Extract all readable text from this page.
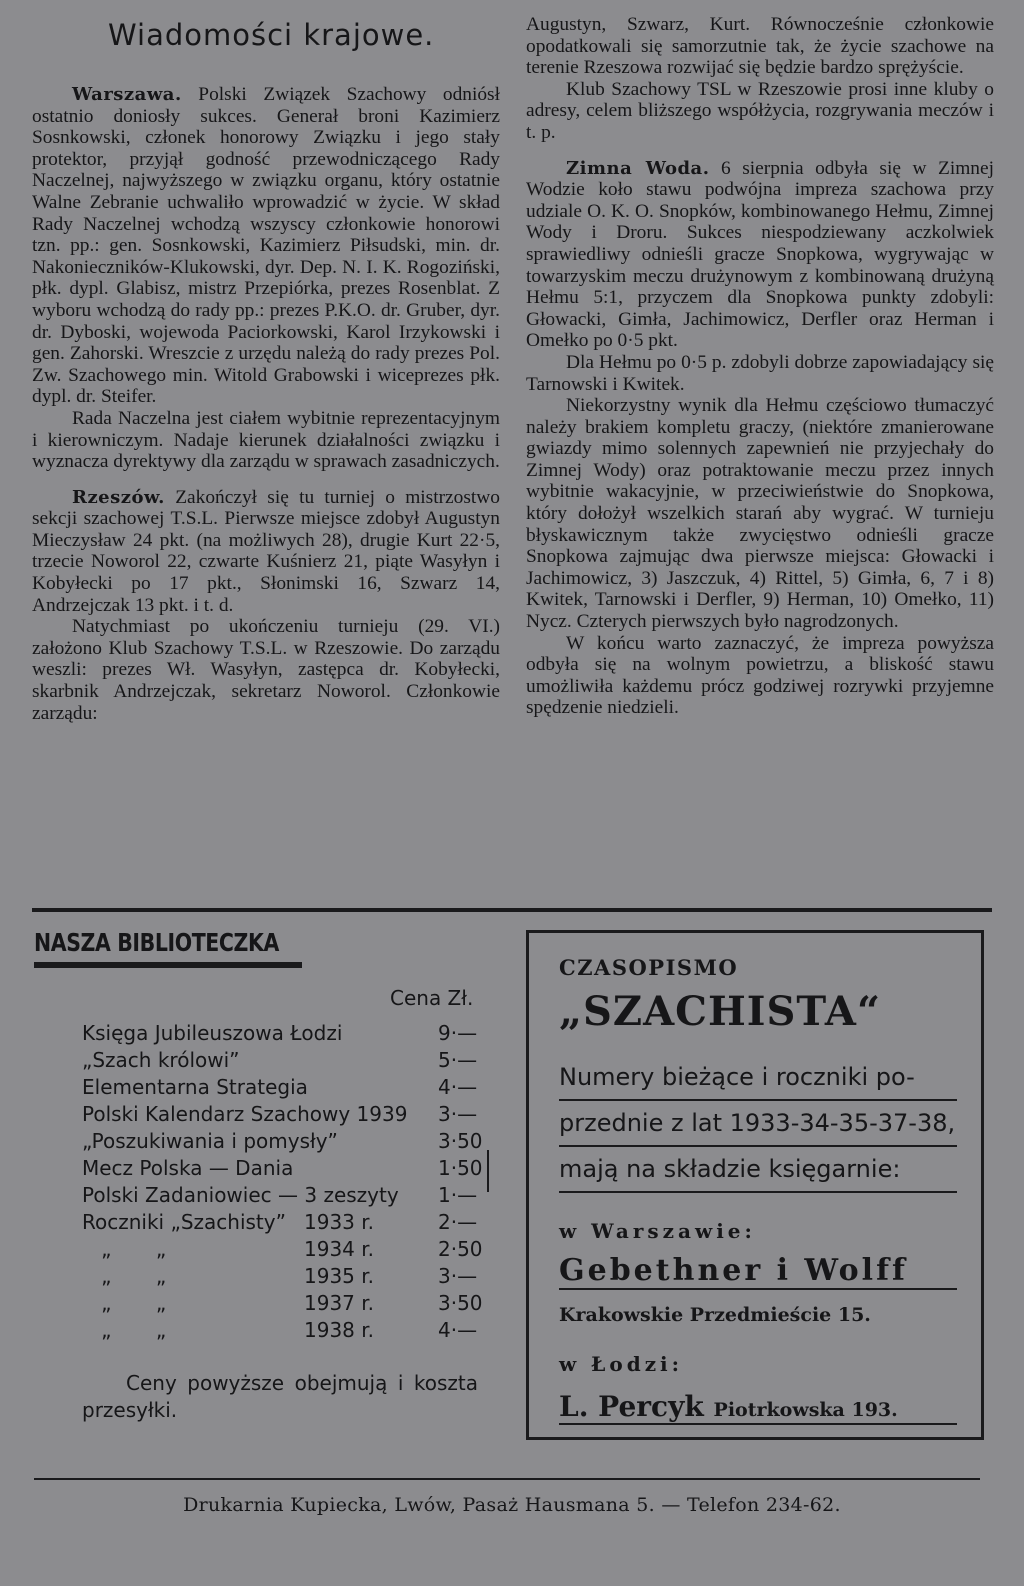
Wiadomości krajowe.

Warszawa. Polski Związek Szachowy odniósł ostatnio doniosły sukces. Generał broni Kazimierz Sosnkowski, członek honorowy Związku i jego stały protektor, przyjął godność przewodniczącego Rady Naczelnej, najwyższego w związku organu, który ostatnie Walne Zebranie uchwaliło wprowadzić w życie. W skład Rady Naczelnej wchodzą wszyscy członkowie honorowi tzn. pp.: gen. Sosnkowski, Kazimierz Piłsudski, min. dr. Nakonieczników-Klukowski, dyr. Dep. N. I. K. Rogoziński, płk. dypl. Glabisz, mistrz Przepiórka, prezes Rosenblat. Z wyboru wchodzą do rady pp.: prezes P.K.O. dr. Gruber, dyr. dr. Dyboski, wojewoda Paciorkowski, Karol Irzykowski i gen. Zahorski. Wreszcie z urzędu należą do rady prezes Pol. Zw. Szachowego min. Witold Grabowski i wiceprezes płk. dypl. dr. Steifer.

Rada Naczelna jest ciałem wybitnie reprezentacyjnym i kierowniczym. Nadaje kierunek działalności związku i wyznacza dyrektywy dla zarządu w sprawach zasadniczych.

Rzeszów. Zakończył się tu turniej o mistrzostwo sekcji szachowej T.S.L. Pierwsze miejsce zdobył Augustyn Mieczysław 24 pkt. (na możliwych 28), drugie Kurt 22·5, trzecie Noworol 22, czwarte Kuśnierz 21, piąte Wasyłyn i Kobyłecki po 17 pkt., Słonimski 16, Szwarz 14, Andrzejczak 13 pkt. i t. d.

Natychmiast po ukończeniu turnieju (29. VI.) założono Klub Szachowy T.S.L. w Rzeszowie. Do zarządu weszli: prezes Wł. Wasyłyn, zastępca dr. Kobyłecki, skarbnik Andrzejczak, sekretarz Noworol. Członkowie zarządu:

Augustyn, Szwarz, Kurt. Równocześnie członkowie opodatkowali się samorzutnie tak, że życie szachowe na terenie Rzeszowa rozwijać się będzie bardzo sprężyście.

Klub Szachowy TSL w Rzeszowie prosi inne kluby o adresy, celem bliższego współżycia, rozgrywania meczów i t. p.

Zimna Woda. 6 sierpnia odbyła się w Zimnej Wodzie koło stawu podwójna impreza szachowa przy udziale O. K. O. Snopków, kombinowanego Hełmu, Zimnej Wody i Droru. Sukces niespodziewany aczkolwiek sprawiedliwy odnieśli gracze Snopkowa, wygrywając w towarzyskim meczu drużynowym z kombinowaną drużyną Hełmu 5:1, przyczem dla Snopkowa punkty zdobyli: Głowacki, Gimła, Jachimowicz, Derfler oraz Herman i Omełko po 0·5 pkt.

Dla Hełmu po 0·5 p. zdobyli dobrze zapowiadający się Tarnowski i Kwitek.

Niekorzystny wynik dla Hełmu częściowo tłumaczyć należy brakiem kompletu graczy, (niektóre zmanierowane gwiazdy mimo solennych zapewnień nie przyjechały do Zimnej Wody) oraz potraktowanie meczu przez innych wybitnie wakacyjnie, w przeciwieństwie do Snopkowa, który dołożył wszelkich starań aby wygrać. W turnieju błyskawicznym także zwycięstwo odnieśli gracze Snopkowa zajmując dwa pierwsze miejsca: Głowacki i Jachimowicz, 3) Jaszczuk, 4) Rittel, 5) Gimła, 6, 7 i 8) Kwitek, Tarnowski i Derfler, 9) Herman, 10) Omełko, 11) Nycz. Czterych pierwszych było nagrodzonych.

W końcu warto zaznaczyć, że impreza powyższa odbyła się na wolnym powietrzu, a bliskość stawu umożliwiła każdemu prócz godziwej rozrywki przyjemne spędzenie niedzieli.

NASZA BIBLIOTECZKA
Cena Zł.
Księga Jubileuszowa Łodzi	9·—
„Szach królowi”	5·—
Elementarna Strategia	4·—
Polski Kalendarz Szachowy 1939 3·—
„Poszukiwania i pomysły”	3·50
Mecz Polska — Dania	1·50
Polski Zadaniowiec — 3 zeszyty 1·—
Roczniki „Szachisty” 1933 r.	2·—
„       „	1934 r.	2·50
„       „	1935 r.	3·—
„       „	1937 r.	3·50
„       „	1938 r.	4·—
Ceny powyższe obejmują i koszta przesyłki.
CZASOPISMO
„SZACHISTA“
Numery bieżące i roczniki po-
przednie z lat 1933-34-35-37-38,
mają na składzie księgarnie:
w Warszawie:
Gebethner i Wolff
Krakowskie Przedmieście 15.
w Łodzi:
L. Percyk Piotrkowska 193.
Drukarnia Kupiecka, Lwów, Pasaż Hausmana 5. — Telefon 234-62.
